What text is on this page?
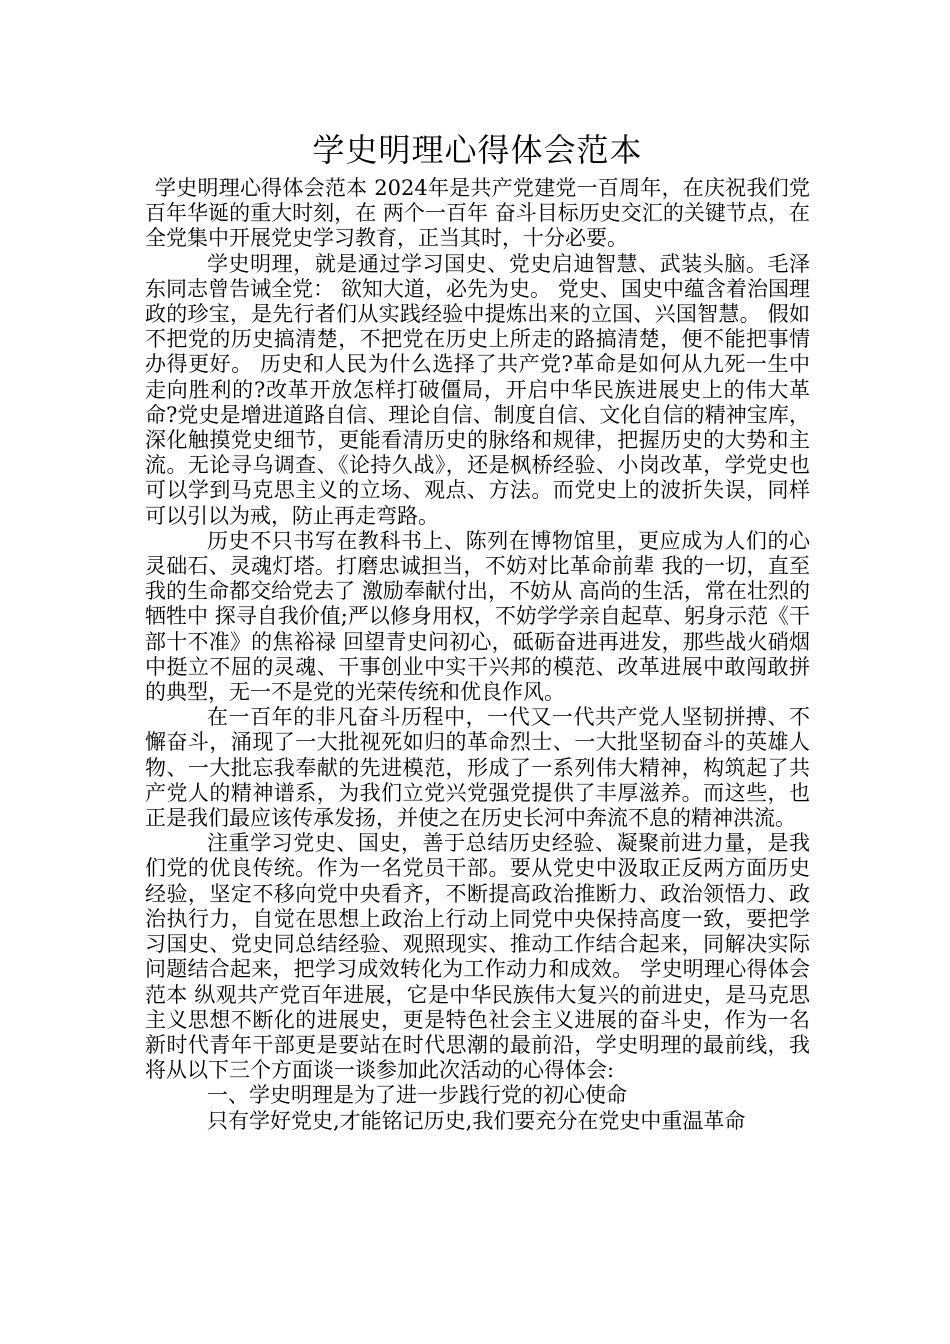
学史明理心得体会范本

学史明理心得体会范本 2024年是共产党建党一百周年，在庆祝我们党百年华诞的重大时刻，在 两个一百年 奋斗目标历史交汇的关键节点，在全党集中开展党史学习教育，正当其时，十分必要。

学史明理，就是通过学习国史、党史启迪智慧、武装头脑。毛泽东同志曾告诫全党： 欲知大道，必先为史。 党史、国史中蕴含着治国理政的珍宝，是先行者们从实践经验中提炼出来的立国、兴国智慧。 假如不把党的历史搞清楚，不把党在历史上所走的路搞清楚，便不能把事情办得更好。 历史和人民为什么选择了共产党?革命是如何从九死一生中走向胜利的?改革开放怎样打破僵局，开启中华民族进展史上的伟大革命?党史是增进道路自信、理论自信、制度自信、文化自信的精神宝库，深化触摸党史细节，更能看清历史的脉络和规律，把握历史的大势和主流。无论寻乌调查、《论持久战》，还是枫桥经验、小岗改革，学党史也可以学到马克思主义的立场、观点、方法。而党史上的波折失误，同样可以引以为戒，防止再走弯路。

历史不只书写在教科书上、陈列在博物馆里，更应成为人们的心灵础石、灵魂灯塔。打磨忠诚担当，不妨对比革命前辈 我的一切，直至我的生命都交给党去了 激励奉献付出，不妨从 高尚的生活，常在壮烈的牺牲中 探寻自我价值;严以修身用权，不妨学学亲自起草、躬身示范《干部十不准》的焦裕禄 回望青史问初心，砥砺奋进再进发，那些战火硝烟中挺立不屈的灵魂、干事创业中实干兴邦的模范、改革进展中敢闯敢拼的典型，无一不是党的光荣传统和优良作风。

在一百年的非凡奋斗历程中，一代又一代共产党人坚韧拼搏、不懈奋斗，涌现了一大批视死如归的革命烈士、一大批坚韧奋斗的英雄人物、一大批忘我奉献的先进模范，形成了一系列伟大精神，构筑起了共产党人的精神谱系，为我们立党兴党强党提供了丰厚滋养。而这些，也正是我们最应该传承发扬，并使之在历史长河中奔流不息的精神洪流。

注重学习党史、国史，善于总结历史经验、凝聚前进力量，是我们党的优良传统。作为一名党员干部。要从党史中汲取正反两方面历史经验，坚定不移向党中央看齐，不断提高政治推断力、政治领悟力、政治执行力，自觉在思想上政治上行动上同党中央保持高度一致，要把学习国史、党史同总结经验、观照现实、推动工作结合起来，同解决实际问题结合起来，把学习成效转化为工作动力和成效。 学史明理心得体会范本 纵观共产党百年进展，它是中华民族伟大复兴的前进史，是马克思主义思想不断化的进展史，更是特色社会主义进展的奋斗史，作为一名新时代青年干部更是要站在时代思潮的最前沿，学史明理的最前线，我将从以下三个方面谈一谈参加此次活动的心得体会:

一、学史明理是为了进一步践行党的初心使命

只有学好党史,才能铭记历史,我们要充分在党史中重温革命
